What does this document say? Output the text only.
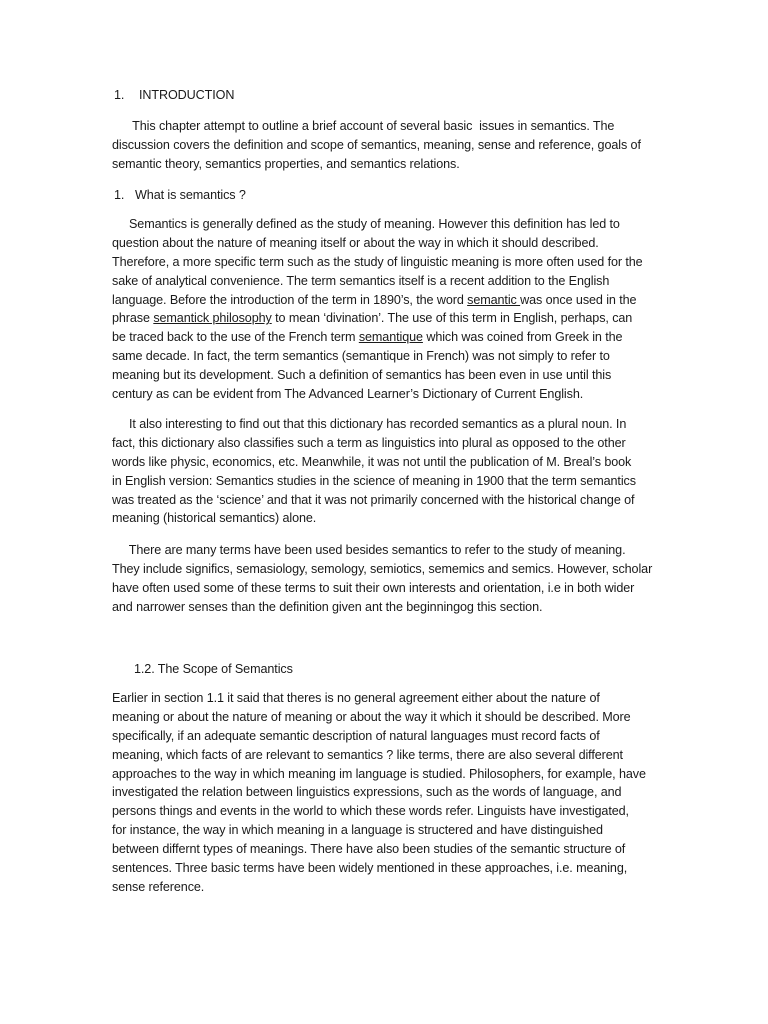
1. INTRODUCTION

This chapter attempt to outline a brief account of several basic  issues in semantics. The
discussion covers the definition and scope of semantics, meaning, sense and reference, goals of
semantic theory, semantics properties, and semantics relations.

1. What is semantics ?

Semantics is generally defined as the study of meaning. However this definition has led to
question about the nature of meaning itself or about the way in which it should described.
Therefore, a more specific term such as the study of linguistic meaning is more often used for the
sake of analytical convenience. The term semantics itself is a recent addition to the English
language. Before the introduction of the term in 1890’s, the word semantic was once used in the
phrase semantick philosophy to mean ‘divination’. The use of this term in English, perhaps, can
be traced back to the use of the French term semantique which was coined from Greek in the
same decade. In fact, the term semantics (semantique in French) was not simply to refer to
meaning but its development. Such a definition of semantics has been even in use until this
century as can be evident from The Advanced Learner’s Dictionary of Current English.

It also interesting to find out that this dictionary has recorded semantics as a plural noun. In
fact, this dictionary also classifies such a term as linguistics into plural as opposed to the other
words like physic, economics, etc. Meanwhile, it was not until the publication of M. Breal’s book
in English version: Semantics studies in the science of meaning in 1900 that the term semantics
was treated as the ‘science’ and that it was not primarily concerned with the historical change of
meaning (historical semantics) alone.

There are many terms have been used besides semantics to refer to the study of meaning.
They include significs, semasiology, semology, semiotics, sememics and semics. However, scholar
have often used some of these terms to suit their own interests and orientation, i.e in both wider
and narrower senses than the definition given ant the beginningog this section.

1.2. The Scope of Semantics

Earlier in section 1.1 it said that theres is no general agreement either about the nature of
meaning or about the nature of meaning or about the way it which it should be described. More
specifically, if an adequate semantic description of natural languages must record facts of
meaning, which facts of are relevant to semantics ? like terms, there are also several different
approaches to the way in which meaning im language is studied. Philosophers, for example, have
investigated the relation between linguistics expressions, such as the words of language, and
persons things and events in the world to which these words refer. Linguists have investigated,
for instance, the way in which meaning in a language is structered and have distinguished
between differnt types of meanings. There have also been studies of the semantic structure of
sentences. Three basic terms have been widely mentioned in these approaches, i.e. meaning,
sense reference.
